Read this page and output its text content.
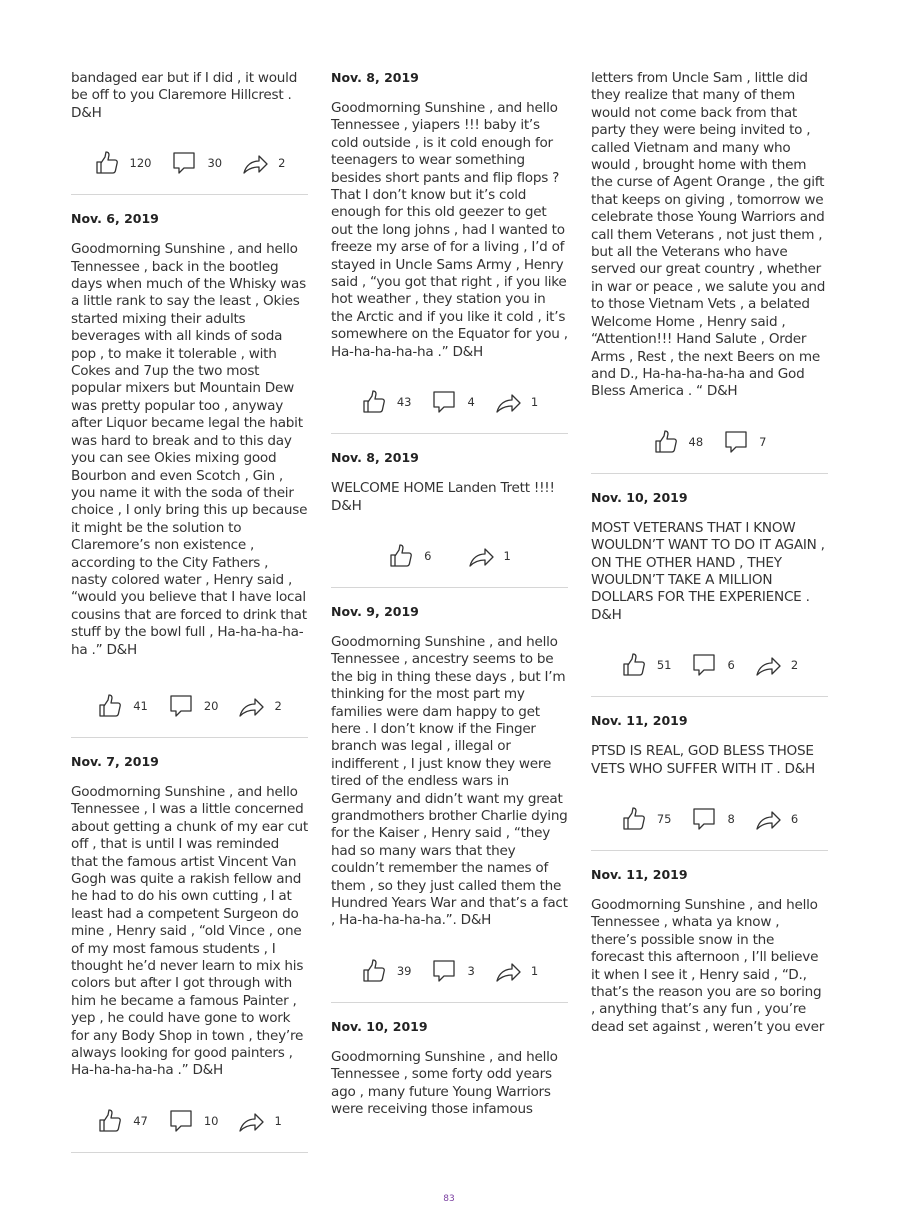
bandaged ear but if I did , it would be off to you Claremore Hillcrest . D&H

120	30	2

Nov. 6, 2019

Goodmorning Sunshine , and hello Tennessee , back in the bootleg days when much of the Whisky was a little rank to say the least , Okies started mixing their adults beverages with all kinds of soda pop , to make it tolerable , with Cokes and 7up the two most popular mixers but Mountain Dew was pretty popular too , anyway after Liquor became legal the habit was hard to break and to this day you can see Okies mixing good Bourbon and even Scotch , Gin , you name it with the soda of their choice , I only bring this up because it might be the solution to Claremore’s non existence , according to the City Fathers , nasty colored water , Henry said , “would you believe that I have local cousins that are forced to drink that stuff by the bowl full , Ha-ha-ha-ha-ha .” D&H

41	20	2

Nov. 7, 2019

Goodmorning Sunshine , and hello Tennessee , I was a little concerned about getting a chunk of my ear cut off , that is until I was reminded that the famous artist Vincent Van Gogh was quite a rakish fellow and he had to do his own cutting , I at least had a competent Surgeon do mine , Henry said , “old Vince , one of my most famous students , I thought he’d never learn to mix his colors but after I got through with him he became a famous Painter , yep , he could have gone to work for any Body Shop in town , they’re always looking for good painters , Ha-ha-ha-ha-ha .” D&H

47	10	1

Nov. 8, 2019

Goodmorning Sunshine , and hello Tennessee , yiapers !!! baby it’s cold outside , is it cold enough for teenagers to wear something besides short pants and flip flops ? That I don’t know but it’s cold enough for this old geezer to get out the long johns , had I wanted to freeze my arse of for a living , I’d of stayed in Uncle Sams Army , Henry said , “you got that right , if you like hot weather , they station you in the Arctic and if you like it cold , it’s somewhere on the Equator for you , Ha-ha-ha-ha-ha .” D&H

43	4	1

Nov. 8, 2019

WELCOME HOME Landen Trett !!!! D&H

6	1

Nov. 9, 2019

Goodmorning Sunshine , and hello Tennessee , ancestry seems to be the big in thing these days , but I’m thinking for the most part my families were dam happy to get here . I don’t know if the Finger branch was legal , illegal or indifferent , I just know they were tired of the endless wars in Germany and didn’t want my great grandmothers brother Charlie dying for the Kaiser , Henry said , “they had so many wars that they couldn’t remember the names of them , so they just called them the Hundred Years War and that’s a fact , Ha-ha-ha-ha-ha.”. D&H

39	3	1

Nov. 10, 2019

Goodmorning Sunshine , and hello Tennessee , some forty odd years ago , many future Young Warriors were receiving those infamous

letters from Uncle Sam , little did they realize that many of them would not come back from that party they were being invited to , called Vietnam and many who would , brought home with them the curse of Agent Orange , the gift that keeps on giving , tomorrow we celebrate those Young Warriors and call them Veterans , not just them , but all the Veterans who have served our great country , whether in war or peace , we salute you and to those Vietnam Vets , a belated Welcome Home , Henry said , “Attention!!! Hand Salute , Order Arms , Rest , the next Beers on me and D., Ha-ha-ha-ha-ha and God Bless America . “ D&H

48	7

Nov. 10, 2019

MOST VETERANS THAT I KNOW WOULDN’T WANT TO DO IT AGAIN , ON THE OTHER HAND , THEY WOULDN’T TAKE A MILLION DOLLARS FOR THE EXPERIENCE . D&H

51	6	2

Nov. 11, 2019

PTSD IS REAL, GOD BLESS THOSE VETS WHO SUFFER WITH IT . D&H

75	8	6

Nov. 11, 2019

Goodmorning Sunshine , and hello Tennessee , whata ya know , there’s possible snow in the forecast this afternoon , I’ll believe it when I see it , Henry said , “D., that’s the reason you are so boring , anything that’s any fun , you’re dead set against , weren’t you ever

83
